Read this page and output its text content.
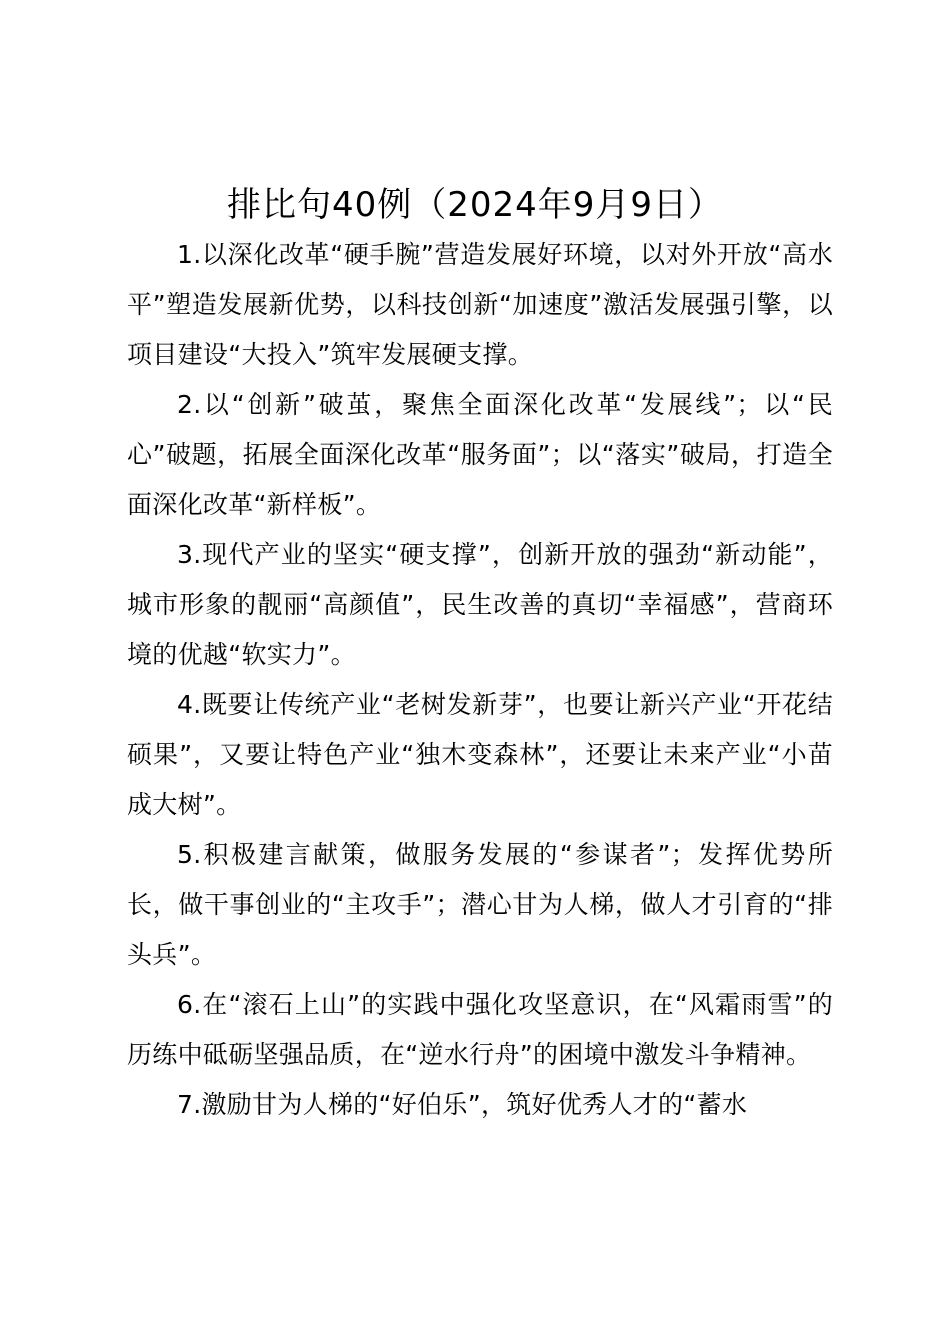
排比句40例（2024年9月9日）

1.以深化改革“硬手腕”营造发展好环境，以对外开放“高水平”塑造发展新优势，以科技创新“加速度”激活发展强引擎，以项目建设“大投入”筑牢发展硬支撑。

2.以“创新”破茧，聚焦全面深化改革“发展线”；以“民心”破题，拓展全面深化改革“服务面”；以“落实”破局，打造全面深化改革“新样板”。

3.现代产业的坚实“硬支撑”，创新开放的强劲“新动能”，城市形象的靓丽“高颜值”，民生改善的真切“幸福感”，营商环境的优越“软实力”。

4.既要让传统产业“老树发新芽”，也要让新兴产业“开花结硕果”，又要让特色产业“独木变森林”，还要让未来产业“小苗成大树”。

5.积极建言献策，做服务发展的“参谋者”；发挥优势所长，做干事创业的“主攻手”；潜心甘为人梯，做人才引育的“排头兵”。

6.在“滚石上山”的实践中强化攻坚意识，在“风霜雨雪”的历练中砥砺坚强品质，在“逆水行舟”的困境中激发斗争精神。

7.激励甘为人梯的“好伯乐”，筑好优秀人才的“蓄水
